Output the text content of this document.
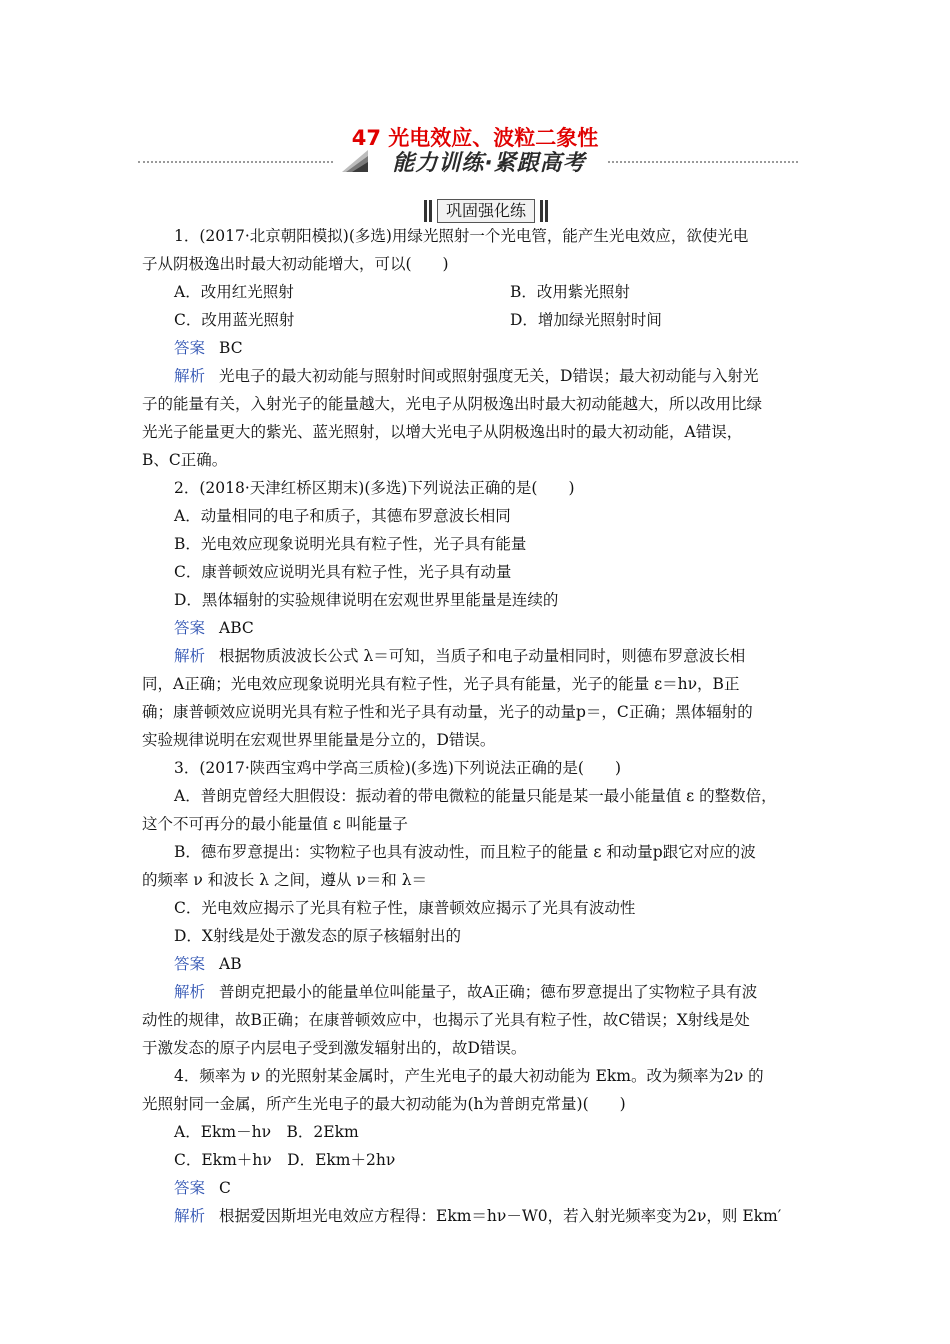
47 光电效应、波粒二象性
能力训练·紧跟高考
巩固强化练

1．(2017·北京朝阳模拟)(多选)用绿光照射一个光电管，能产生光电效应，欲使光电

子从阴极逸出时最大初动能增大，可以(　　)

A．改用红光照射	B．改用紫光照射
C．改用蓝光照射	D．增加绿光照射时间

答案 BC

解析 光电子的最大初动能与照射时间或照射强度无关，D错误；最大初动能与入射光

子的能量有关，入射光子的能量越大，光电子从阴极逸出时最大初动能越大，所以改用比绿

光光子能量更大的紫光、蓝光照射，以增大光电子从阴极逸出时的最大初动能，A错误，

B、C正确。

2．(2018·天津红桥区期末)(多选)下列说法正确的是(　　)

A．动量相同的电子和质子，其德布罗意波长相同

B．光电效应现象说明光具有粒子性，光子具有能量

C．康普顿效应说明光具有粒子性，光子具有动量

D．黑体辐射的实验规律说明在宏观世界里能量是连续的

答案 ABC

解析 根据物质波波长公式 λ＝可知，当质子和电子动量相同时，则德布罗意波长相

同，A正确；光电效应现象说明光具有粒子性，光子具有能量，光子的能量 ε＝hν，B正

确；康普顿效应说明光具有粒子性和光子具有动量，光子的动量p＝，C正确；黑体辐射的

实验规律说明在宏观世界里能量是分立的，D错误。

3．(2017·陕西宝鸡中学高三质检)(多选)下列说法正确的是(　　)

A．普朗克曾经大胆假设：振动着的带电微粒的能量只能是某一最小能量值 ε 的整数倍，

这个不可再分的最小能量值 ε 叫能量子

B．德布罗意提出：实物粒子也具有波动性，而且粒子的能量 ε 和动量p跟它对应的波

的频率 ν 和波长 λ 之间，遵从 ν＝和 λ＝

C．光电效应揭示了光具有粒子性，康普顿效应揭示了光具有波动性

D．X射线是处于激发态的原子核辐射出的

答案 AB

解析 普朗克把最小的能量单位叫能量子，故A正确；德布罗意提出了实物粒子具有波

动性的规律，故B正确；在康普顿效应中，也揭示了光具有粒子性，故C错误；X射线是处

于激发态的原子内层电子受到激发辐射出的，故D错误。

4．频率为 ν 的光照射某金属时，产生光电子的最大初动能为 Ekm。改为频率为2ν 的

光照射同一金属，所产生光电子的最大初动能为(h为普朗克常量)(　　)

A．Ekm－hν　B．2Ekm

C．Ekm＋hν　D．Ekm＋2hν

答案 C

解析 根据爱因斯坦光电效应方程得：Ekm＝hν－W0，若入射光频率变为2ν，则 Ekm′
